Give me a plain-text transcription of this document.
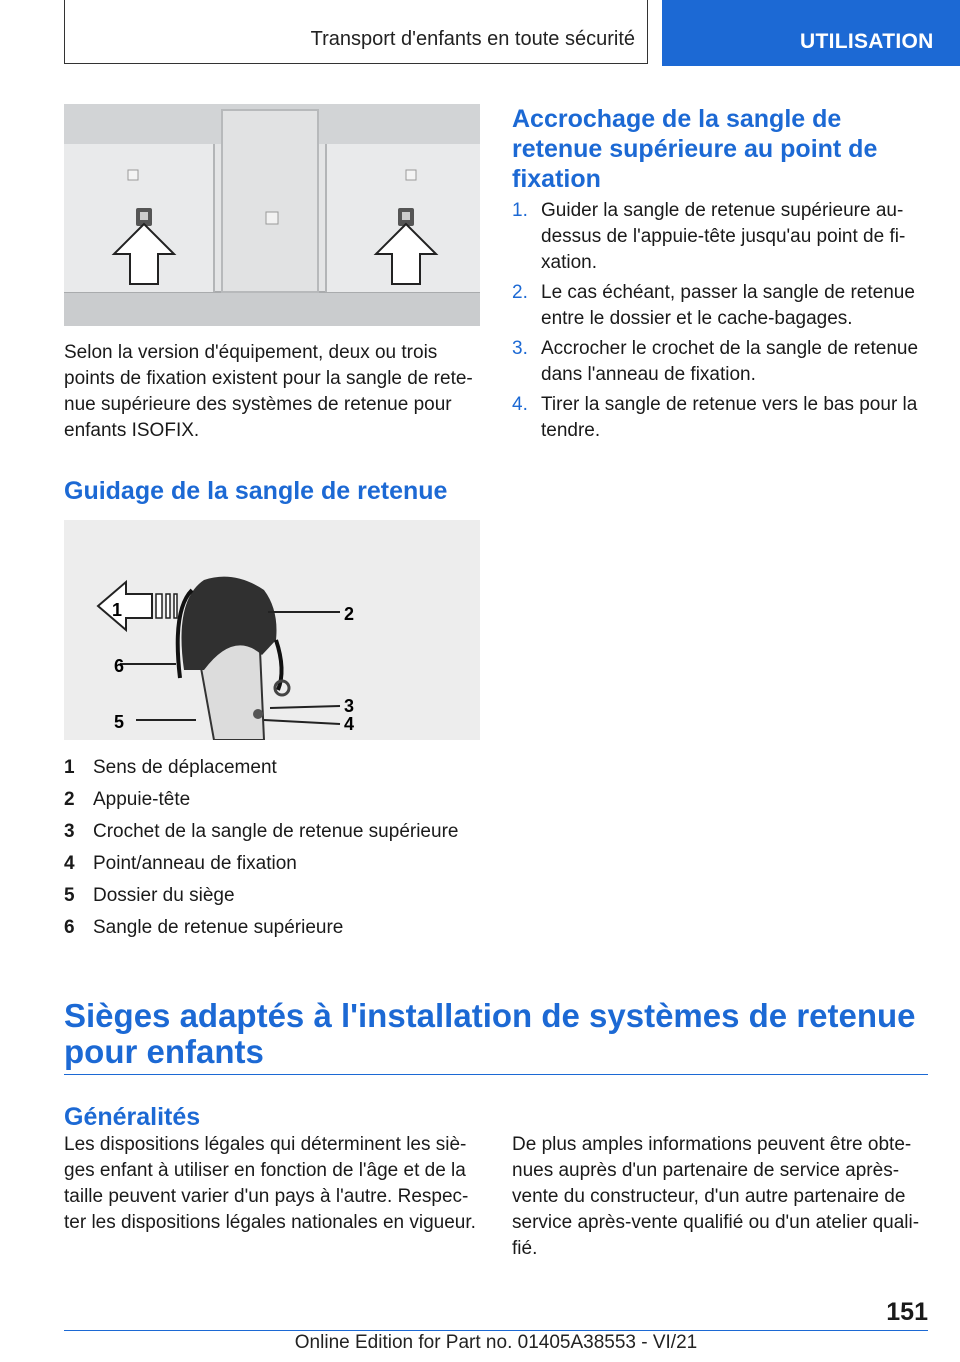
Transport d'enfants en toute sécurité	UTILISATION
Selon la version d'équipement, deux ou trois points de fixation existent pour la sangle de rete-nue supérieure des systèmes de retenue pour enfants ISOFIX.
Guidage de la sangle de retenue
1	2
3
4
5
6
1 Sens de déplacement
2 Appuie-tête
3 Crochet de la sangle de retenue supérieure
4 Point/anneau de fixation
5 Dossier du siège
6 Sangle de retenue supérieure
Accrochage de la sangle de retenue supérieure au point de fixation
1. Guider la sangle de retenue supérieure au-dessus de l'appuie-tête jusqu'au point de fi-xation.
2. Le cas échéant, passer la sangle de retenue entre le dossier et le cache-bagages.
3. Accrocher le crochet de la sangle de retenue dans l'anneau de fixation.
4. Tirer la sangle de retenue vers le bas pour la tendre.
Sièges adaptés à l'installation de systèmes de retenue pour enfants
Généralités
Les dispositions légales qui déterminent les siè-ges enfant à utiliser en fonction de l'âge et de la taille peuvent varier d'un pays à l'autre. Respec-ter les dispositions légales nationales en vigueur.
De plus amples informations peuvent être obte-nues auprès d'un partenaire de service après-vente du constructeur, d'un autre partenaire de service après-vente qualifié ou d'un atelier quali-fié.
151
Online Edition for Part no. 01405A38553 - VI/21
